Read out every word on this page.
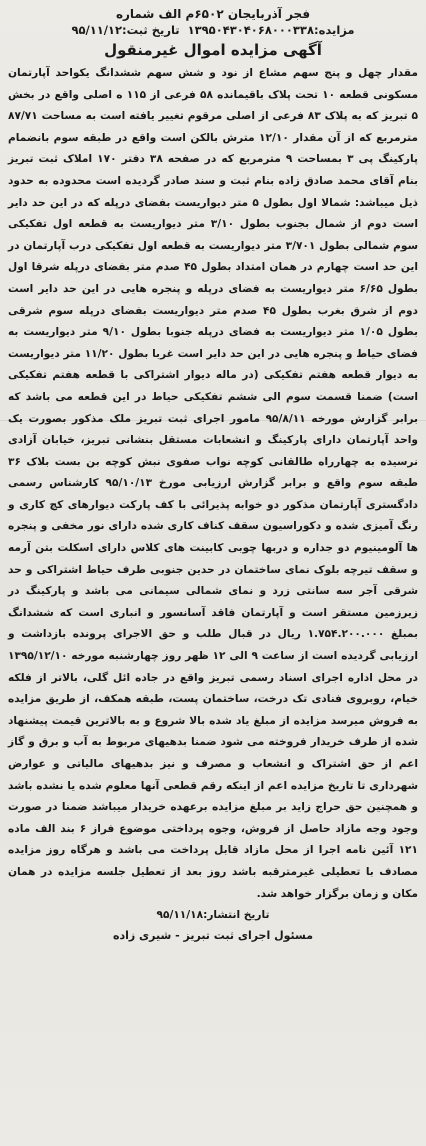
فجر آذربایجان ۶۵۰۲م الف شماره
مزایده:۱۳۹۵۰۴۳۰۴۰۶۸۰۰۰۳۳۸
تاریخ ثبت:۹۵/۱۱/۱۲
آگهی مزایده اموال غیرمنقول

مقدار چهل و پنج سهم مشاع از نود و شش سهم ششدانگ یکواحد آپارتمان مسکونی قطعه ۱۰ تحت پلاک باقیمانده ۵۸ فرعی از ۱۱۵ ه اصلی واقع در بخش ۵ تبریز که به پلاک ۸۳ فرعی از اصلی مرقوم تغییر یافته است به مساحت ۸۷/۷۱ مترمربع که از آن مقدار ۱۲/۱۰ مترش بالکن است واقع در طبقه سوم بانضمام پارکینگ پی ۳ بمساحت ۹ مترمربع که در صفحه ۳۸ دفتر ۱۷۰ املاک ثبت تبریز بنام آقای محمد صادق زاده بنام ثبت و سند صادر گردیده است محدوده به حدود ذیل میباشد: شمالا اول بطول ۵ متر دیواریست بفضای درپله که در این حد دایر است دوم از شمال بجنوب بطول ۳/۱۰ متر دیواریست به قطعه اول تفکیکی سوم شمالی بطول ۳/۷۰۱ متر دیواریست به قطعه اول تفکیکی درب آپارتمان در این حد است چهارم در همان امتداد بطول ۴۵ صدم متر بفضای درپله شرقا اول بطول ۶/۶۵ متر دیواریست به فضای درپله و پنجره هایی در این حد دایر است دوم از شرق بغرب بطول ۴۵ صدم متر دیواریست بفضای درپله سوم شرقی بطول ۱/۰۵ متر دیواریست به فضای درپله جنوبا بطول ۹/۱۰ متر دیواریست به فضای حیاط و پنجره هایی در این حد دایر است غربا بطول ۱۱/۲۰ متر دیواریست به دیوار قطعه هفتم تفکیکی (در ماله دیوار اشتراکی با قطعه هفتم تفکیکی است) ضمنا قسمت سوم الی ششم تفکیکی حیاط در این قطعه می باشد که برابر گزارش مورخه ۹۵/۸/۱۱ مامور اجرای ثبت تبریز ملک مذکور بصورت یک واحد آپارتمان دارای پارکینگ و انشعابات مستقل بنشانی تبریز، خیابان آزادی نرسیده به چهارراه طالقانی کوچه نواب صفوی نبش کوچه بن بست بلاک ۳۶ طبقه سوم واقع و برابر گزارش ارزیابی مورخ ۹۵/۱۰/۱۳ کارشناس رسمی دادگستری آپارتمان مذکور دو خوابه پذیرائی با کف پارکت دیوارهای کچ کاری و رنگ آمیزی شده و دکوراسیون سقف کناف کاری شده دارای نور مخفی و پنجره ها آلومینیوم دو جداره و دربها چوبی کابینت های کلاس دارای اسکلت بتن آرمه و سقف تیرچه بلوک نمای ساختمان در حدین جنوبی طرف حیاط اشتراکی و حد شرقی آجر سه سانتی زرد و نمای شمالی سیمانی می باشد و پارکینگ در زیرزمین مستقر است و آپارتمان فاقد آسانسور و انباری است که ششدانگ بمبلغ ۱.۷۵۴.۲۰۰.۰۰۰ ریال در قبال طلب و حق الاجرای پرونده بازداشت و ارزیابی گردیده است از ساعت ۹ الی ۱۲ ظهر روز چهارشنبه مورخه ۱۳۹۵/۱۲/۱۰ در محل اداره اجرای اسناد رسمی تبریز واقع در جاده ائل گلی، بالاتر از فلکه خیام، روبروی فنادی تک درخت، ساختمان پست، طبقه همکف، از طریق مزایده به فروش میرسد مزایده از مبلغ یاد شده بالا شروع و به بالاترین قیمت پیشنهاد شده از طرف خریدار فروخته می شود ضمنا بدهیهای مربوط به آب و برق و گاز اعم از حق اشتراک و انشعاب و مصرف و نیز بدهیهای مالیاتی و عوارض شهرداری تا تاریخ مزایده اعم از اینکه رقم قطعی آنها معلوم شده یا نشده باشد و همچنین حق حراج زاید بر مبلغ مزایده برعهده خریدار میباشد ضمنا در صورت وجود وجه مازاد حاصل از فروش، وجوه پرداختی موضوع فراز ۶ بند الف ماده ۱۲۱ آئین نامه اجرا از محل مازاد قابل پرداخت می باشد و هرگاه روز مزایده مصادف با تعطیلی غیرمترقبه باشد روز بعد از تعطیل جلسه مزایده در همان مکان و زمان برگزار خواهد شد.

تاریخ انتشار:۹۵/۱۱/۱۸
مسئول اجرای ثبت تبریز - شیری زاده
